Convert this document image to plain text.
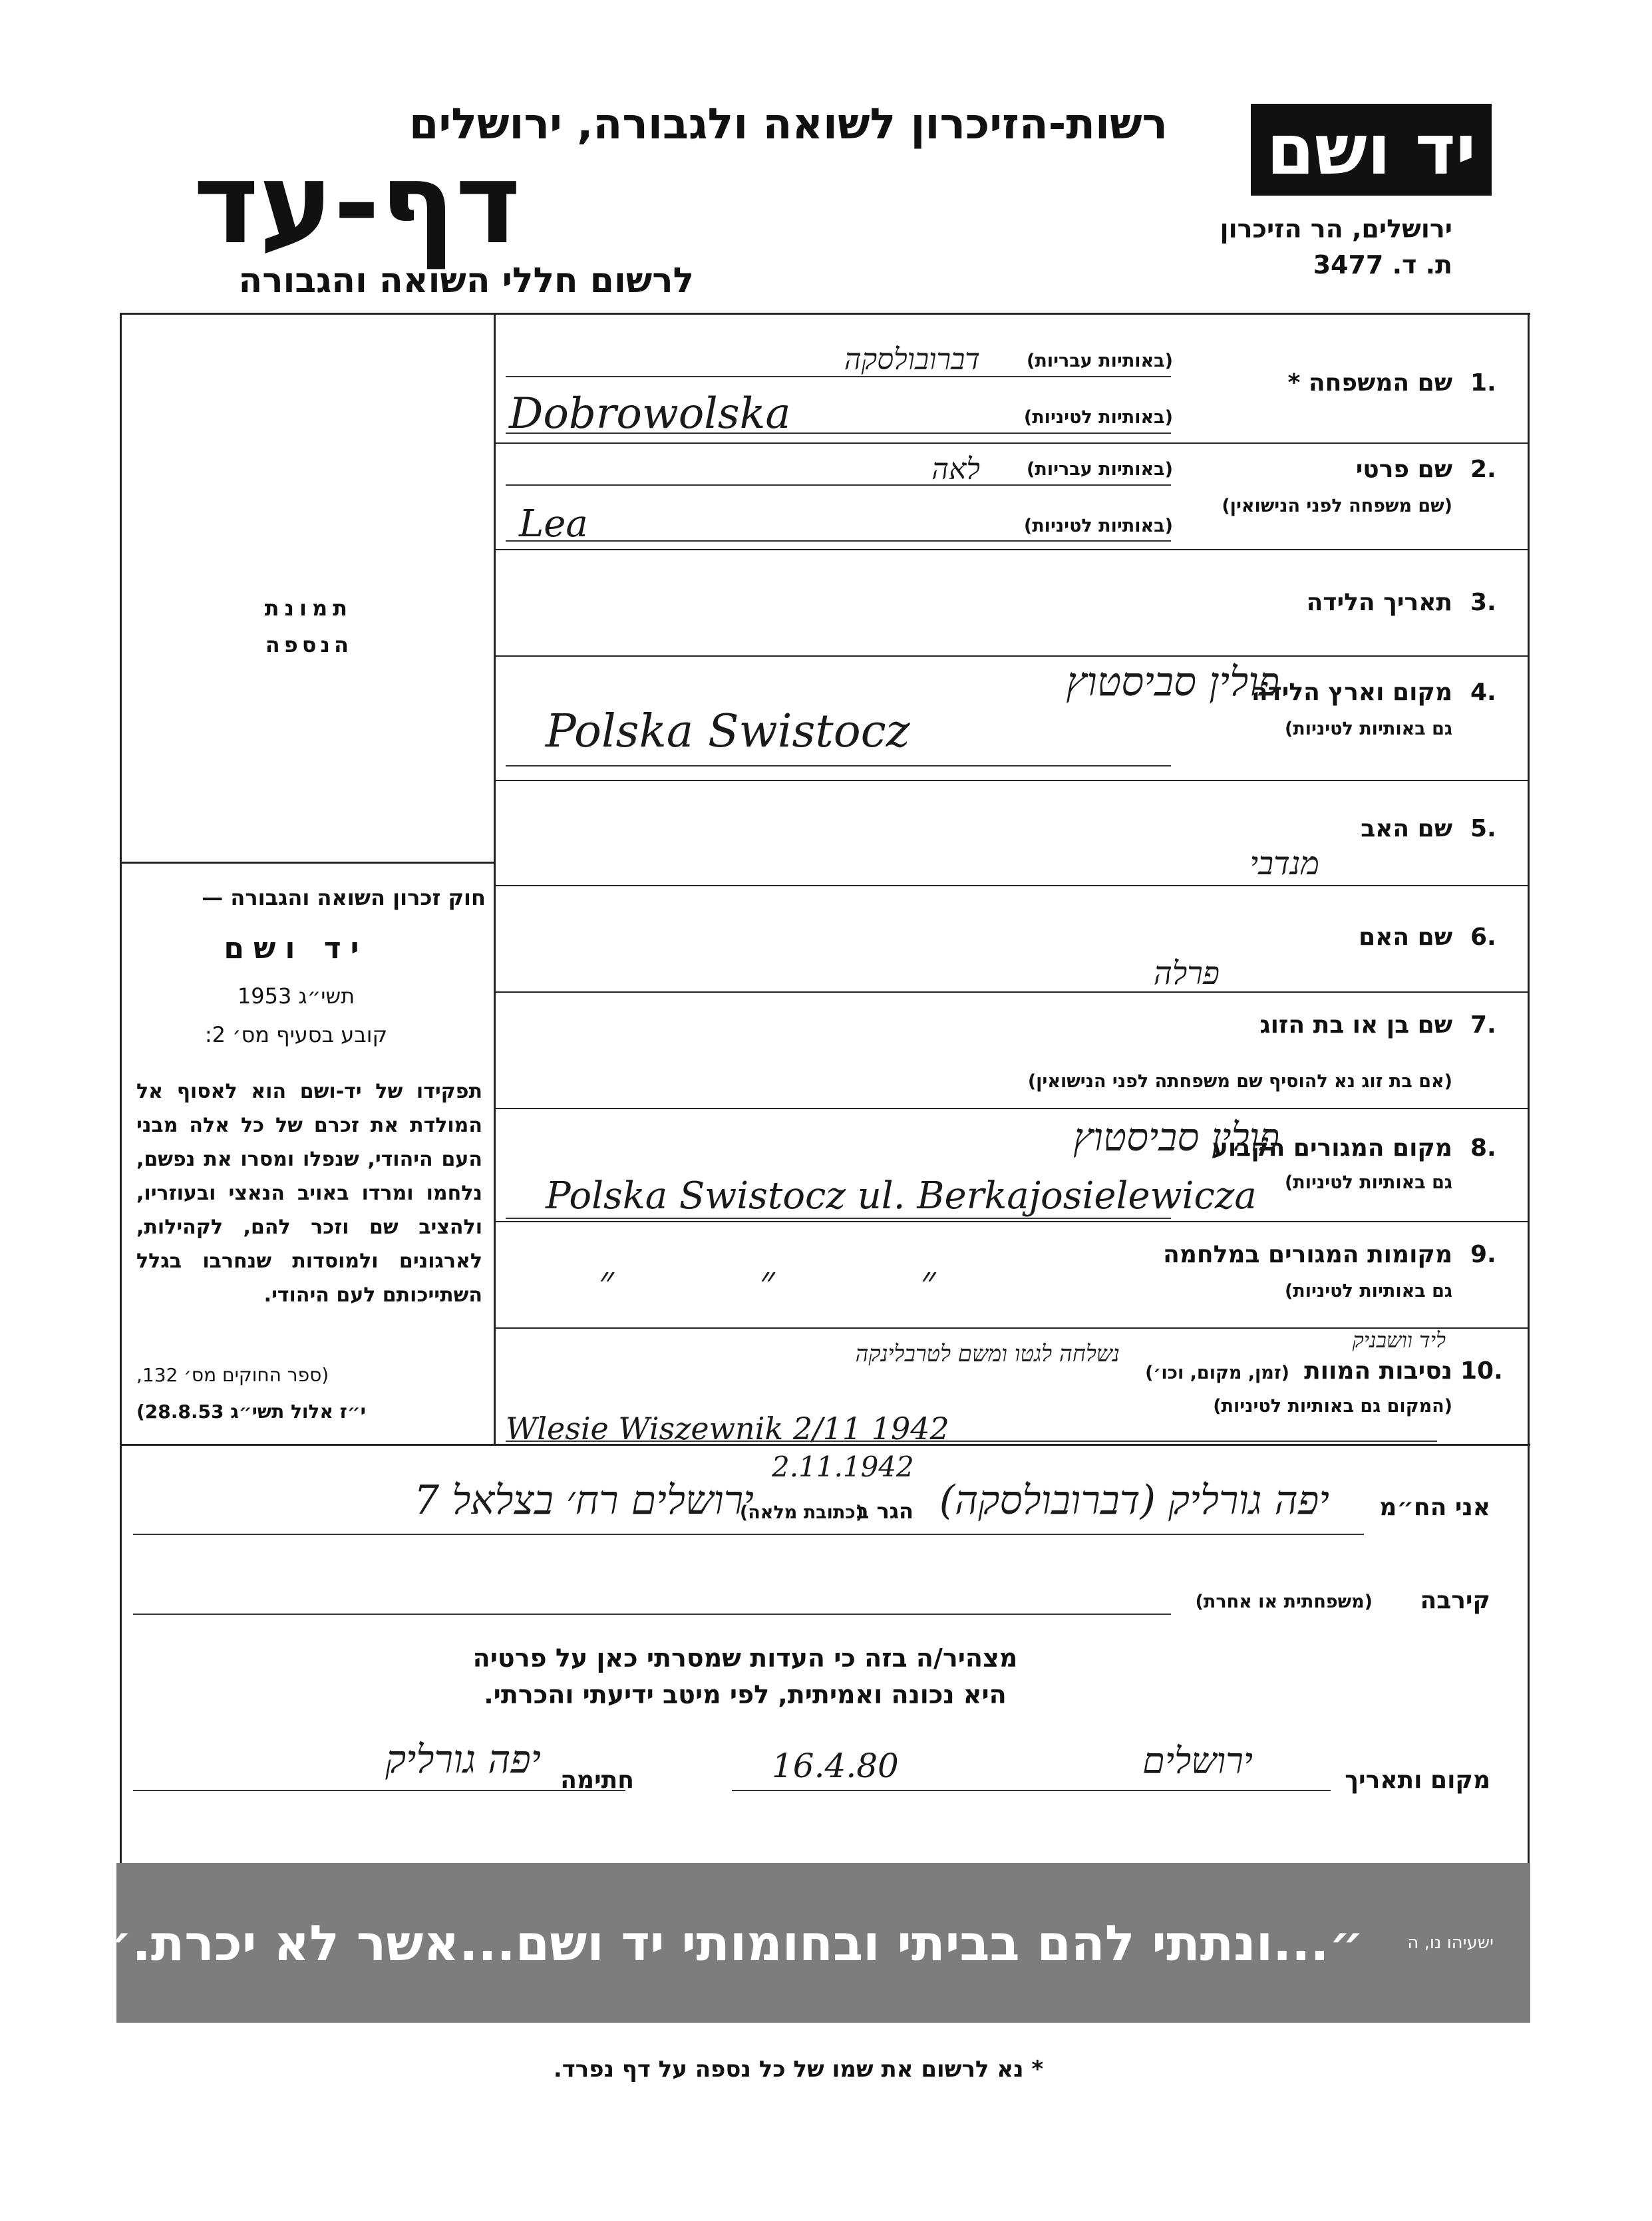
יד ושם
רשות-הזיכרון לשואה ולגבורה, ירושלים
דף-עד
לרשום חללי השואה והגבורה
ירושלים, הר הזיכרון
ת. ד. 3477
תמונת
הנספה
חוק זכרון השואה והגבורה —
יד ושם
תשי״ג 1953
קובע בסעיף מס׳ 2:
תפקידו של יד-ושם הוא לאסוף אל המולדת את זכרם של כל אלה מבני העם היהודי, שנפלו ומסרו את נפשם, נלחמו ומרדו באויב הנאצי ובעוזריו, ולהציב שם וזכר להם, לקהילות, לארגונים ולמוסדות שנחרבו בגלל השתייכותם לעם היהודי.
(ספר החוקים מס׳ 132,
י״ז אלול תשי״ג 28.8.53)
1.
שם המשפחה *
(באותיות עבריות)
דברובולסקה
(באותיות לטיניות)
Dobrowolska
2.
שם פרטי
(שם משפחה לפני הנישואין)
(באותיות עבריות)
לאה
(באותיות לטיניות)
Lea
3.
תאריך הלידה
4.
מקום וארץ הלידה
גם באותיות לטיניות)
פולין סביסטוץ
Polska Swistocz
5.
שם האב
מנדבי
6.
שם האם
פרלה
7.
שם בן או בת הזוג
(אם בת זוג נא להוסיף שם משפחתה לפני הנישואין)
8.
מקום המגורים הקבוע
גם באותיות לטיניות)
פולין סביסטוץ
Polska Swistocz ul. Berkajosielewicza
9.
מקומות המגורים במלחמה
גם באותיות לטיניות)
״ ״ ״
10.
נסיבות המוות
(זמן, מקום, וכו׳)
(המקום גם באותיות לטיניות)
ליד וושבניק
נשלחה לגטו ומשם לטרבלינקה
Wlesie Wiszewnik 2/11 1942
2.11.1942
אני הח״מ
יפה גורליק (דברובולסקה)
הגר ב
(כתובת מלאה)
ירושלים רח׳ בצלאל 7
קירבה
(משפחתית או אחרת)
מצהיר/ה בזה כי העדות שמסרתי כאן על פרטיה
היא נכונה ואמיתית, לפי מיטב ידיעתי והכרתי.
מקום ותאריך
ירושלים
16.4.80
חתימה
יפה גורליק
״...ונתתי להם בביתי ובחומותי יד ושם...אשר לא יכרת.״	ישעיהו נו, ה
* נא לרשום את שמו של כל נספה על דף נפרד.
